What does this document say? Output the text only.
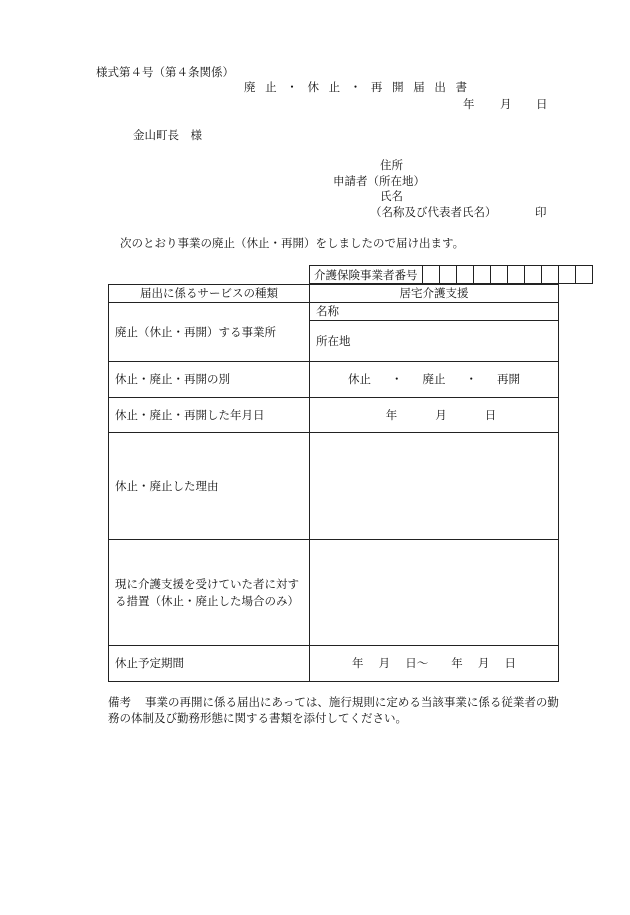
様式第４号（第４条関係）
廃 止 ・ 休 止 ・ 再 開 届 出 書
年 月 日
金山町長　様
住所
申請者（所在地）
氏名
（名称及び代表者氏名）	印
次のとおり事業の廃止（休止・再開）をしましたので届け出ます。
介護保険事業者番号
届出に係るサービスの種類	居宅介護支援
廃止（休止・再開）する事業所	名称
所在地

休止・廃止・再開の別	休止 ・ 廃止 ・ 再開
休止・廃止・再開した年月日	年 月 日
休止・廃止した理由	
現に介護支援を受けていた者に対する措置（休止・廃止した場合のみ）	
休止予定期間	年　 月　 日～　　年　 月　 日
備考 事業の再開に係る届出にあっては、施行規則に定める当該事業に係る従業者の勤
務の体制及び勤務形態に関する書類を添付してください。
